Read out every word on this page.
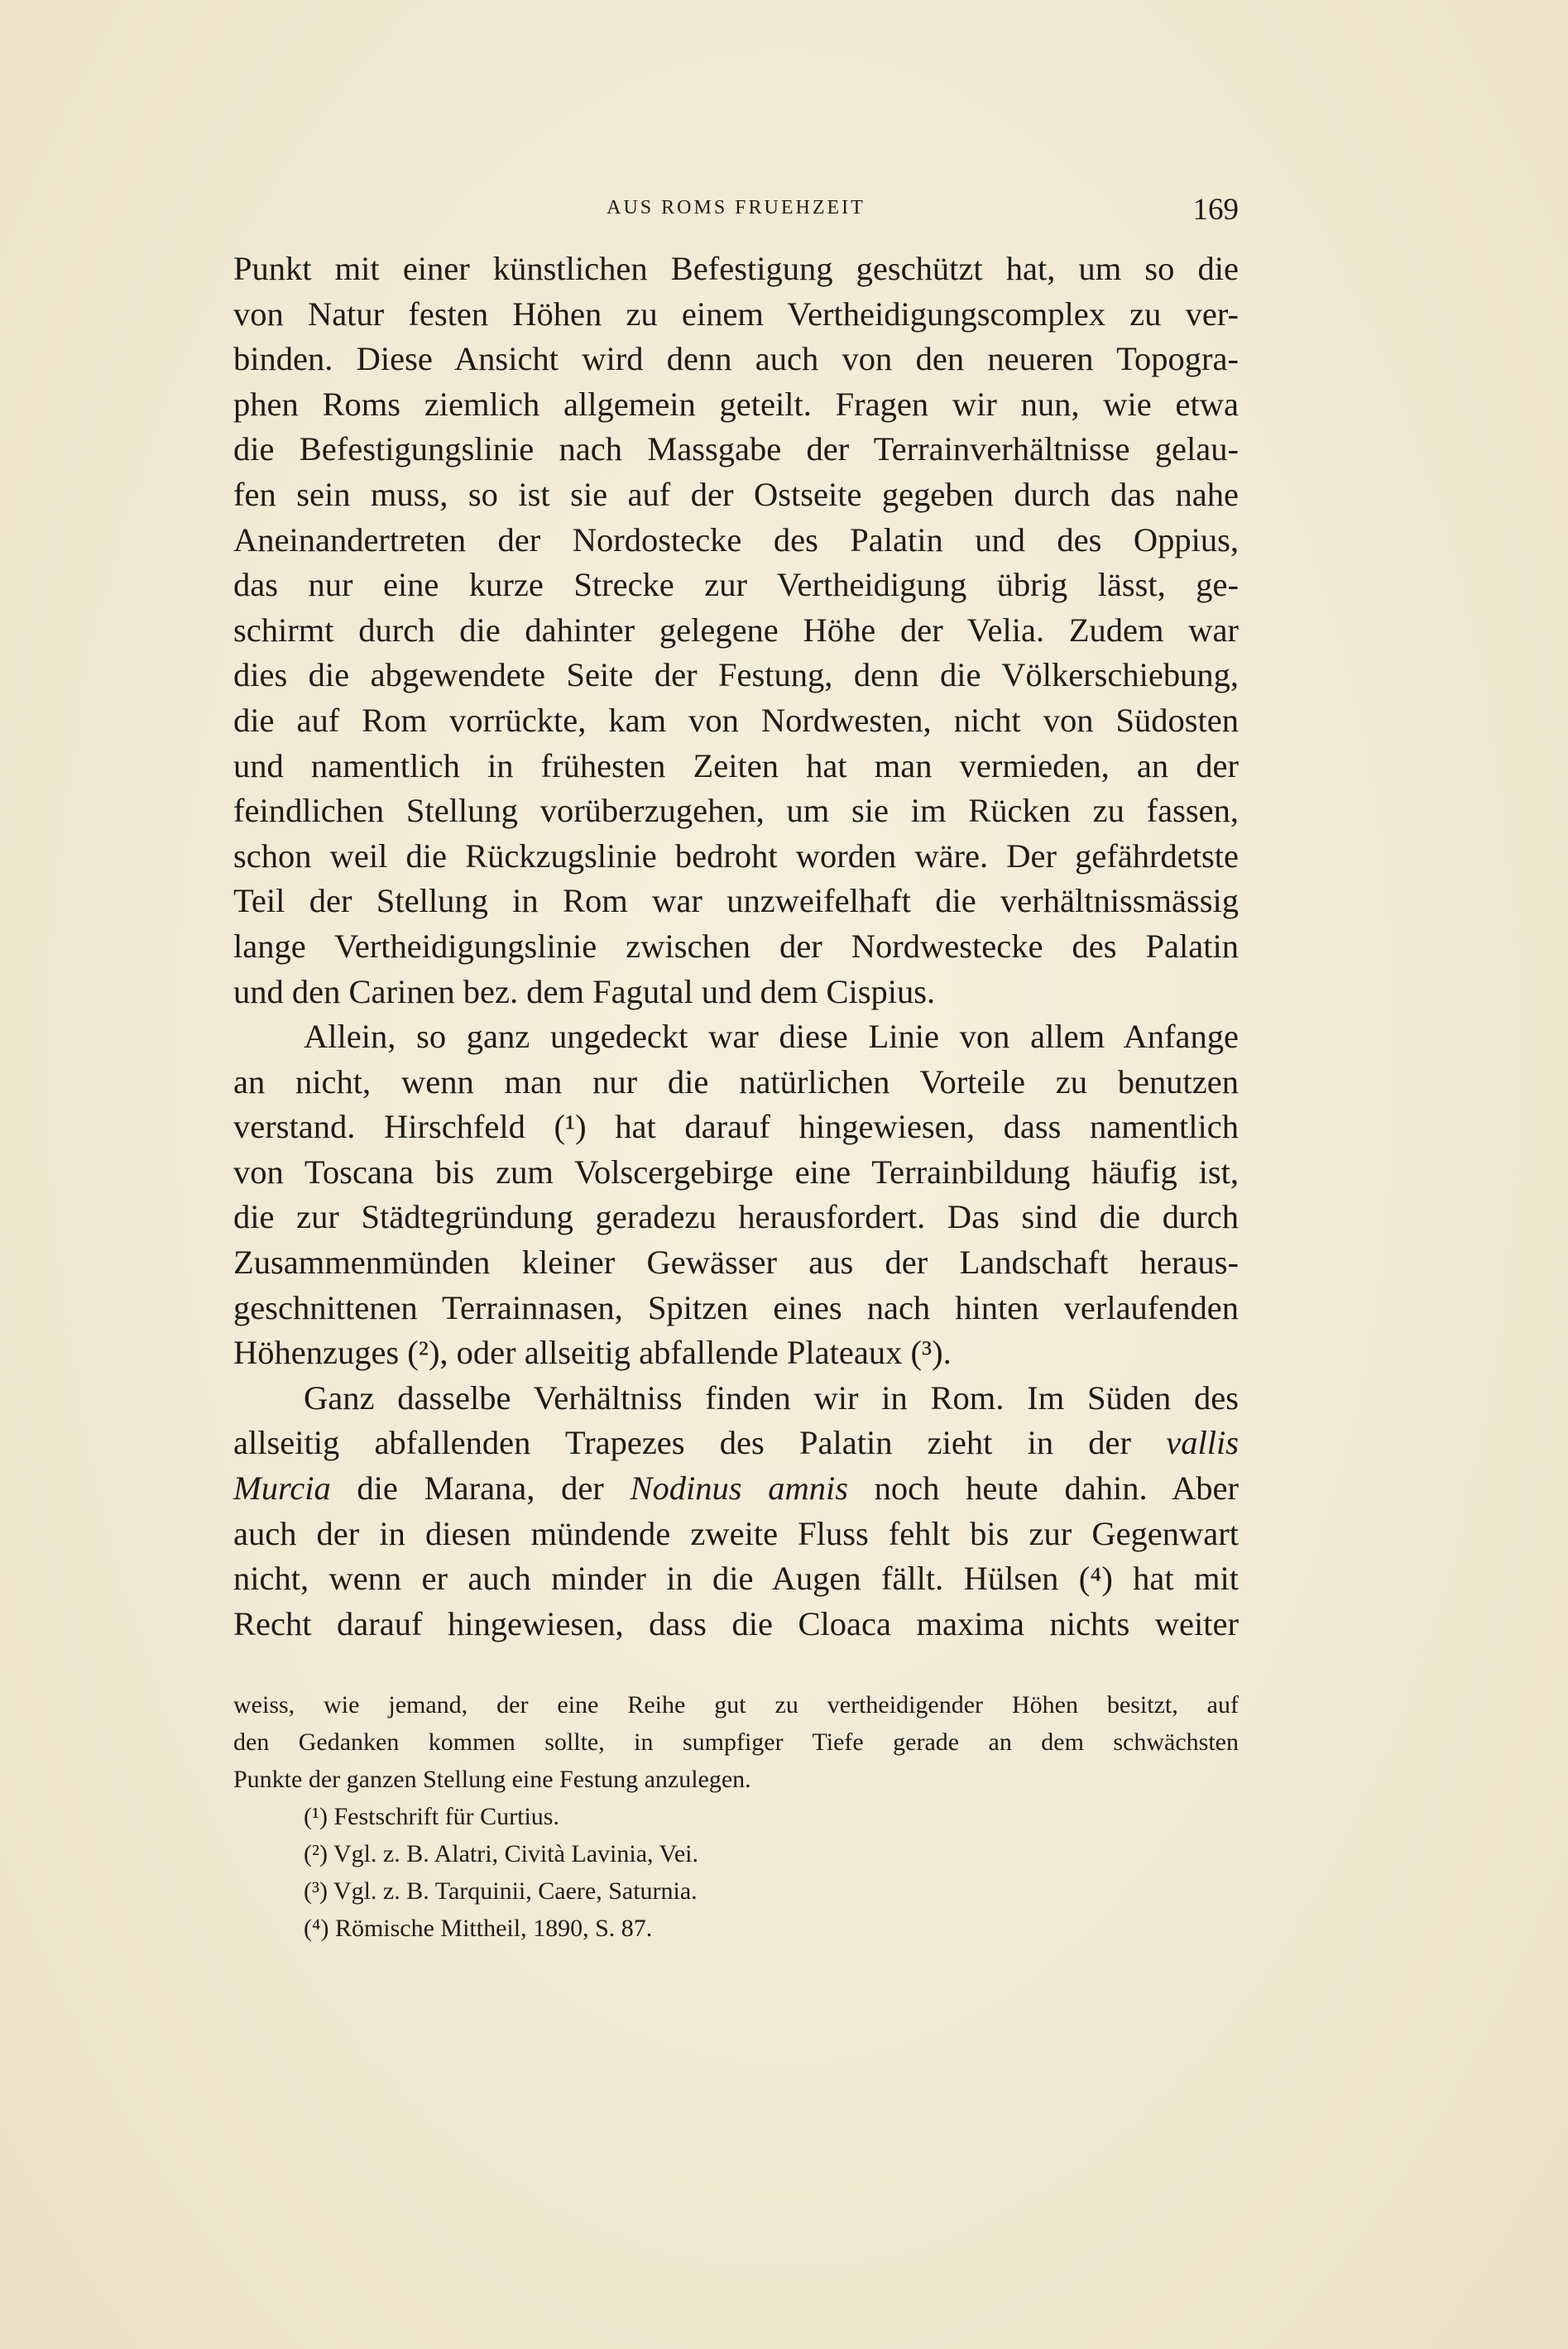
AUS ROMS FRUEHZEIT	169
Punkt mit einer künstlichen Befestigung geschützt hat, um so die
von Natur festen Höhen zu einem Vertheidigungscomplex zu ver-
binden. Diese Ansicht wird denn auch von den neueren Topogra-
phen Roms ziemlich allgemein geteilt. Fragen wir nun, wie etwa
die Befestigungslinie nach Massgabe der Terrainverhältnisse gelau-
fen sein muss, so ist sie auf der Ostseite gegeben durch das nahe
Aneinandertreten der Nordostecke des Palatin und des Oppius,
das nur eine kurze Strecke zur Vertheidigung übrig lässt, ge-
schirmt durch die dahinter gelegene Höhe der Velia. Zudem war
dies die abgewendete Seite der Festung, denn die Völkerschiebung,
die auf Rom vorrückte, kam von Nordwesten, nicht von Südosten
und namentlich in frühesten Zeiten hat man vermieden, an der
feindlichen Stellung vorüberzugehen, um sie im Rücken zu fassen,
schon weil die Rückzugslinie bedroht worden wäre. Der gefährdetste
Teil der Stellung in Rom war unzweifelhaft die verhältnissmässig
lange Vertheidigungslinie zwischen der Nordwestecke des Palatin
und den Carinen bez. dem Fagutal und dem Cispius.
Allein, so ganz ungedeckt war diese Linie von allem Anfange
an nicht, wenn man nur die natürlichen Vorteile zu benutzen
verstand. Hirschfeld (¹) hat darauf hingewiesen, dass namentlich
von Toscana bis zum Volscergebirge eine Terrainbildung häufig ist,
die zur Städtegründung geradezu herausfordert. Das sind die durch
Zusammenmünden kleiner Gewässer aus der Landschaft heraus-
geschnittenen Terrainnasen, Spitzen eines nach hinten verlaufenden
Höhenzuges (²), oder allseitig abfallende Plateaux (³).
Ganz dasselbe Verhältniss finden wir in Rom. Im Süden des
allseitig abfallenden Trapezes des Palatin zieht in der vallis
Murcia die Marana, der Nodinus amnis noch heute dahin. Aber
auch der in diesen mündende zweite Fluss fehlt bis zur Gegenwart
nicht, wenn er auch minder in die Augen fällt. Hülsen (⁴) hat mit
Recht darauf hingewiesen, dass die Cloaca maxima nichts weiter
weiss, wie jemand, der eine Reihe gut zu vertheidigender Höhen besitzt, auf
den Gedanken kommen sollte, in sumpfiger Tiefe gerade an dem schwächsten
Punkte der ganzen Stellung eine Festung anzulegen.
(¹) Festschrift für Curtius.
(²) Vgl. z. B. Alatri, Cività Lavinia, Vei.
(³) Vgl. z. B. Tarquinii, Caere, Saturnia.
(⁴) Römische Mittheil, 1890, S. 87.
